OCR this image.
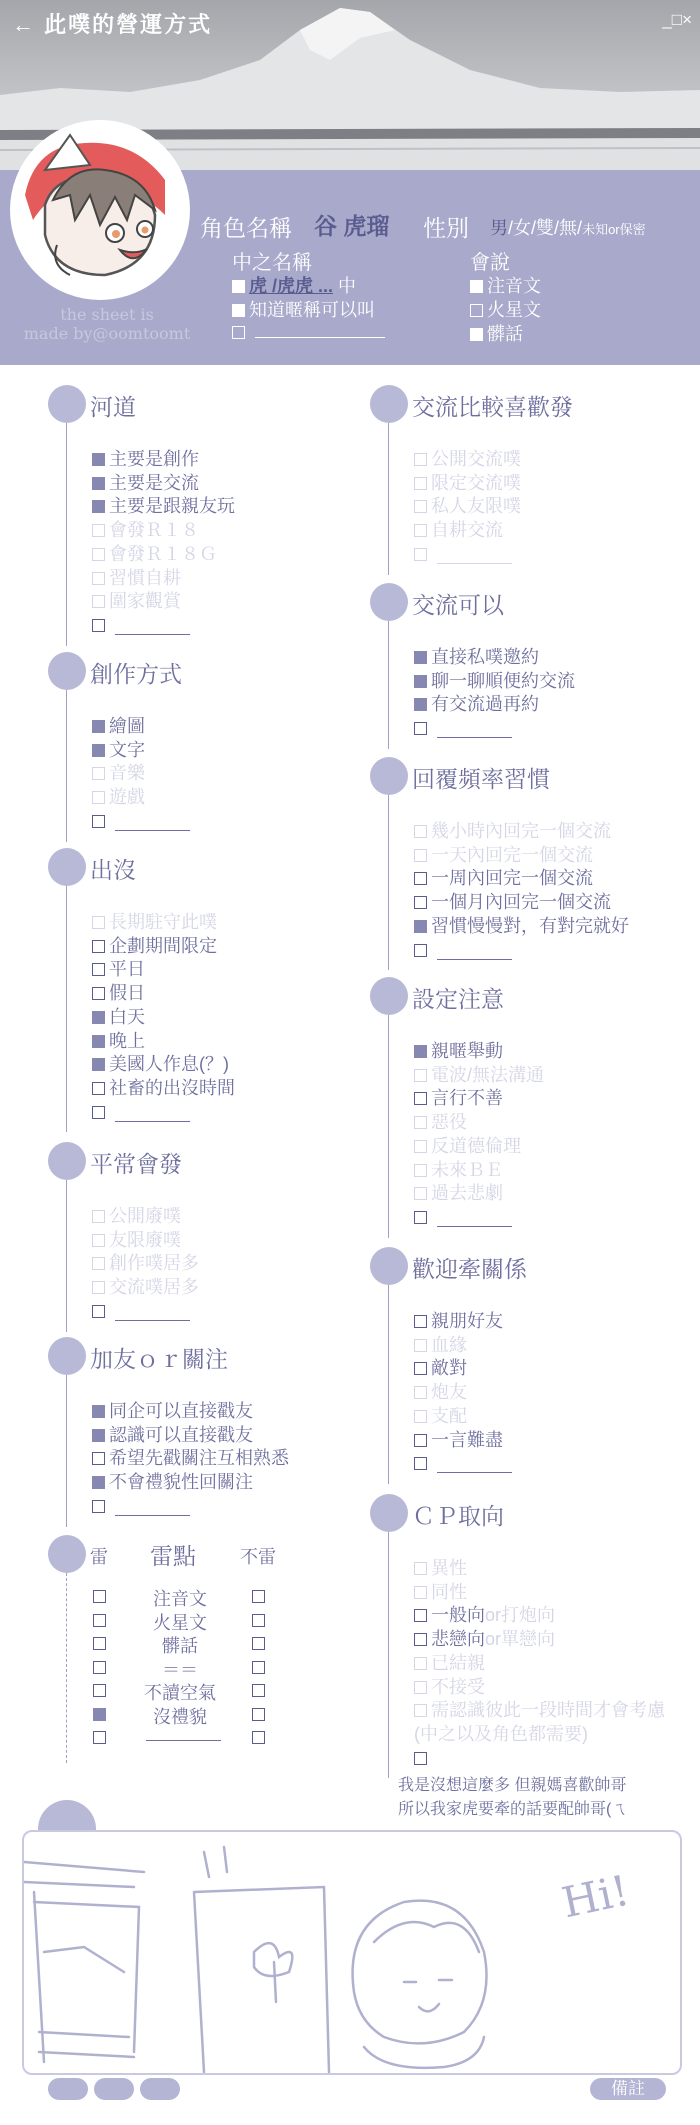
← 此噗的營運方式	_□×
the sheet is
made by@oomtoomt
角色名稱 谷 虎瑠 性別 男/女/雙/無/未知or保密
中之名稱
虎 /虎虎 ... 中
知道暱稱可以叫
會說
注音文
火星文
髒話
河道
主要是創作
主要是交流
主要是跟親友玩
會發Ｒ１８
會發Ｒ１８Ｇ
習慣自耕
圍家觀賞
創作方式
繪圖
文字
音樂
遊戲
出沒
長期駐守此噗
企劃期間限定
平日
假日
白天
晚上
美國人作息(？)
社畜的出沒時間
平常會發
公開廢噗
友限廢噗
創作噗居多
交流噗居多
加友ｏｒ關注
同企可以直接戳友
認識可以直接戳友
希望先戳關注互相熟悉
不會禮貌性回關注
交流比較喜歡發
公開交流噗
限定交流噗
私人友限噗
自耕交流
交流可以
直接私噗邀約
聊一聊順便約交流
有交流過再約
回覆頻率習慣
幾小時內回完一個交流
一天內回完一個交流
一周內回完一個交流
一個月內回完一個交流
習慣慢慢對，有對完就好
設定注意
親暱舉動
電波/無法溝通
言行不善
惡役
反道德倫理
未來ＢＥ
過去悲劇
歡迎牽關係
親朋好友
血緣
敵對
炮友
支配
一言難盡
ＣＰ取向
異性
同性
一般向or打炮向
悲戀向or單戀向
已結親
不接受
需認識彼此一段時間才會考慮
(中之以及角色都需要)
雷 雷點 不雷
注音文
火星文
髒話
＝＝
不讀空氣
沒禮貌
我是沒想這麼多 但親媽喜歡帥哥
所以我家虎要牽的話要配帥哥(ㄟ
Hi!
備註
